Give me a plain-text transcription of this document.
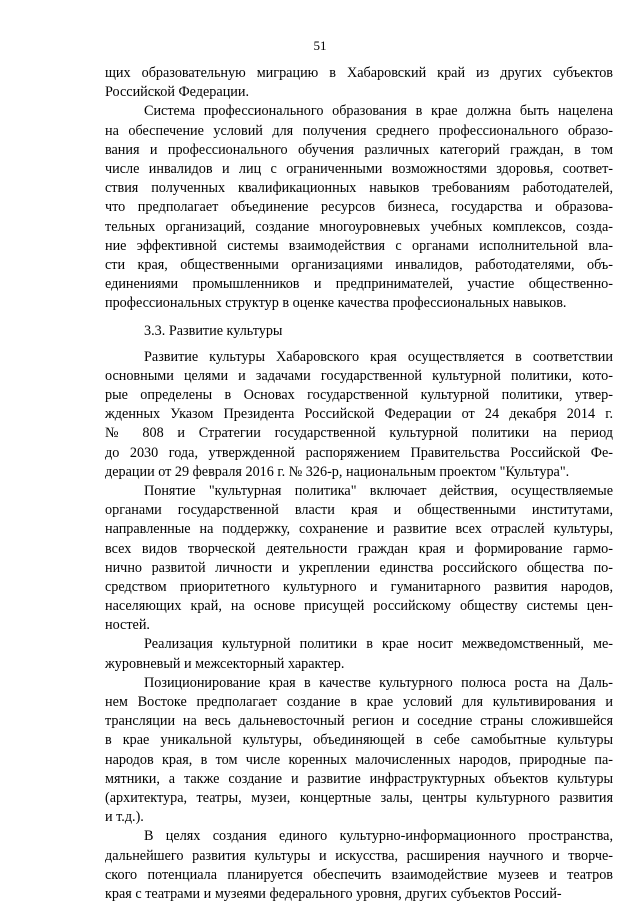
51
щих образовательную миграцию в Хабаровский край из других субъектов
Российской Федерации.
Система профессионального образования в крае должна быть нацелена
на обеспечение условий для получения среднего профессионального образо-
вания и профессионального обучения различных категорий граждан, в том
числе инвалидов и лиц с ограниченными возможностями здоровья, соответ-
ствия полученных квалификационных навыков требованиям работодателей,
что предполагает объединение ресурсов бизнеса, государства и образова-
тельных организаций, создание многоуровневых учебных комплексов, созда-
ние эффективной системы взаимодействия с органами исполнительной вла-
сти края, общественными организациями инвалидов, работодателями, объ-
единениями промышленников и предпринимателей, участие общественно-
профессиональных структур в оценке качества профессиональных навыков.
3.3. Развитие культуры
Развитие культуры Хабаровского края осуществляется в соответствии
основными целями и задачами государственной культурной политики, кото-
рые определены в Основах государственной культурной политики, утвер-
жденных Указом Президента Российской Федерации от 24 декабря 2014 г.
№ 808 и Стратегии государственной культурной политики на период
до 2030 года, утвержденной распоряжением Правительства Российской Фе-
дерации от 29 февраля 2016 г. № 326-р, национальным проектом "Культура".
Понятие "культурная политика" включает действия, осуществляемые
органами государственной власти края и общественными институтами,
направленные на поддержку, сохранение и развитие всех отраслей культуры,
всех видов творческой деятельности граждан края и формирование гармо-
нично развитой личности и укреплении единства российского общества по-
средством приоритетного культурного и гуманитарного развития народов,
населяющих край, на основе присущей российскому обществу системы цен-
ностей.
Реализация культурной политики в крае носит межведомственный, ме-
журовневый и межсекторный характер.
Позиционирование края в качестве культурного полюса роста на Даль-
нем Востоке предполагает создание в крае условий для культивирования и
трансляции на весь дальневосточный регион и соседние страны сложившейся
в крае уникальной культуры, объединяющей в себе самобытные культуры
народов края, в том числе коренных малочисленных народов, природные па-
мятники, а также создание и развитие инфраструктурных объектов культуры
(архитектура, театры, музеи, концертные залы, центры культурного развития
и т.д.).
В целях создания единого культурно-информационного пространства,
дальнейшего развития культуры и искусства, расширения научного и творче-
ского потенциала планируется обеспечить взаимодействие музеев и театров
края с театрами и музеями федерального уровня, других субъектов Россий-
